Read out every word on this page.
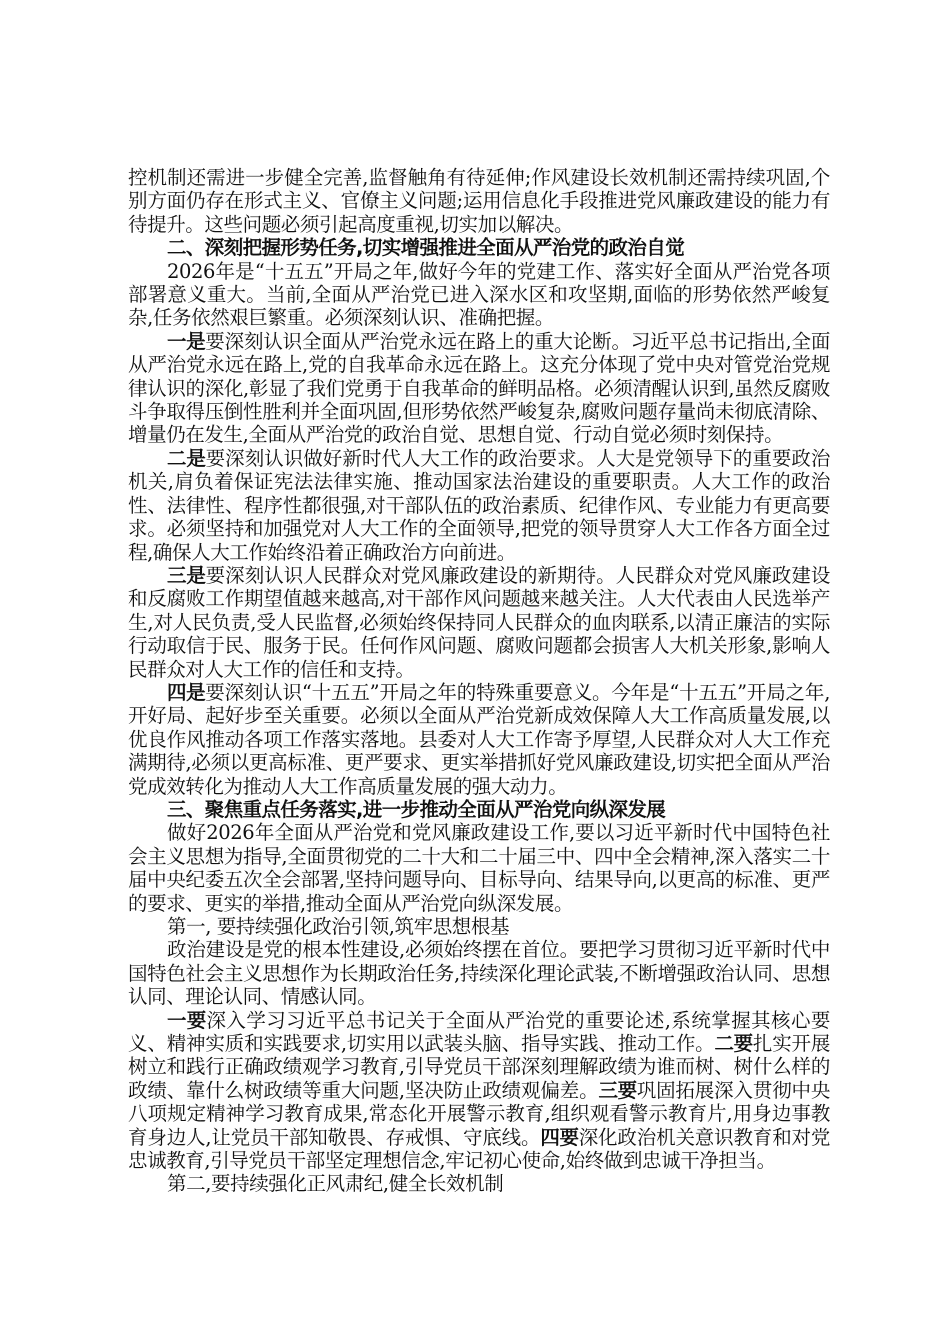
控机制还需进一步健全完善,监督触角有待延伸;作风建设长效机制还需持续巩固,个别方面仍存在形式主义、官僚主义问题;运用信息化手段推进党风廉政建设的能力有待提升。这些问题必须引起高度重视,切实加以解决。

二、深刻把握形势任务,切实增强推进全面从严治党的政治自觉

2026年是“十五五”开局之年,做好今年的党建工作、落实好全面从严治党各项部署意义重大。当前,全面从严治党已进入深水区和攻坚期,面临的形势依然严峻复杂,任务依然艰巨繁重。必须深刻认识、准确把握。

一是要深刻认识全面从严治党永远在路上的重大论断。习近平总书记指出,全面从严治党永远在路上,党的自我革命永远在路上。这充分体现了党中央对管党治党规律认识的深化,彰显了我们党勇于自我革命的鲜明品格。必须清醒认识到,虽然反腐败斗争取得压倒性胜利并全面巩固,但形势依然严峻复杂,腐败问题存量尚未彻底清除、增量仍在发生,全面从严治党的政治自觉、思想自觉、行动自觉必须时刻保持。

二是要深刻认识做好新时代人大工作的政治要求。人大是党领导下的重要政治机关,肩负着保证宪法法律实施、推动国家法治建设的重要职责。人大工作的政治性、法律性、程序性都很强,对干部队伍的政治素质、纪律作风、专业能力有更高要求。必须坚持和加强党对人大工作的全面领导,把党的领导贯穿人大工作各方面全过程,确保人大工作始终沿着正确政治方向前进。

三是要深刻认识人民群众对党风廉政建设的新期待。人民群众对党风廉政建设和反腐败工作期望值越来越高,对干部作风问题越来越关注。人大代表由人民选举产生,对人民负责,受人民监督,必须始终保持同人民群众的血肉联系,以清正廉洁的实际行动取信于民、服务于民。任何作风问题、腐败问题都会损害人大机关形象,影响人民群众对人大工作的信任和支持。

四是要深刻认识“十五五”开局之年的特殊重要意义。今年是“十五五”开局之年,开好局、起好步至关重要。必须以全面从严治党新成效保障人大工作高质量发展,以优良作风推动各项工作落实落地。县委对人大工作寄予厚望,人民群众对人大工作充满期待,必须以更高标准、更严要求、更实举措抓好党风廉政建设,切实把全面从严治党成效转化为推动人大工作高质量发展的强大动力。

三、聚焦重点任务落实,进一步推动全面从严治党向纵深发展

做好2026年全面从严治党和党风廉政建设工作,要以习近平新时代中国特色社会主义思想为指导,全面贯彻党的二十大和二十届三中、四中全会精神,深入落实二十届中央纪委五次全会部署,坚持问题导向、目标导向、结果导向,以更高的标准、更严的要求、更实的举措,推动全面从严治党向纵深发展。

第一, 要持续强化政治引领,筑牢思想根基

政治建设是党的根本性建设,必须始终摆在首位。要把学习贯彻习近平新时代中国特色社会主义思想作为长期政治任务,持续深化理论武装,不断增强政治认同、思想认同、理论认同、情感认同。

一要深入学习习近平总书记关于全面从严治党的重要论述,系统掌握其核心要义、精神实质和实践要求,切实用以武装头脑、指导实践、推动工作。二要扎实开展树立和践行正确政绩观学习教育,引导党员干部深刻理解政绩为谁而树、树什么样的政绩、靠什么树政绩等重大问题,坚决防止政绩观偏差。三要巩固拓展深入贯彻中央八项规定精神学习教育成果,常态化开展警示教育,组织观看警示教育片,用身边事教育身边人,让党员干部知敬畏、存戒惧、守底线。四要深化政治机关意识教育和对党忠诚教育,引导党员干部坚定理想信念,牢记初心使命,始终做到忠诚干净担当。

第二,要持续强化正风肃纪,健全长效机制
